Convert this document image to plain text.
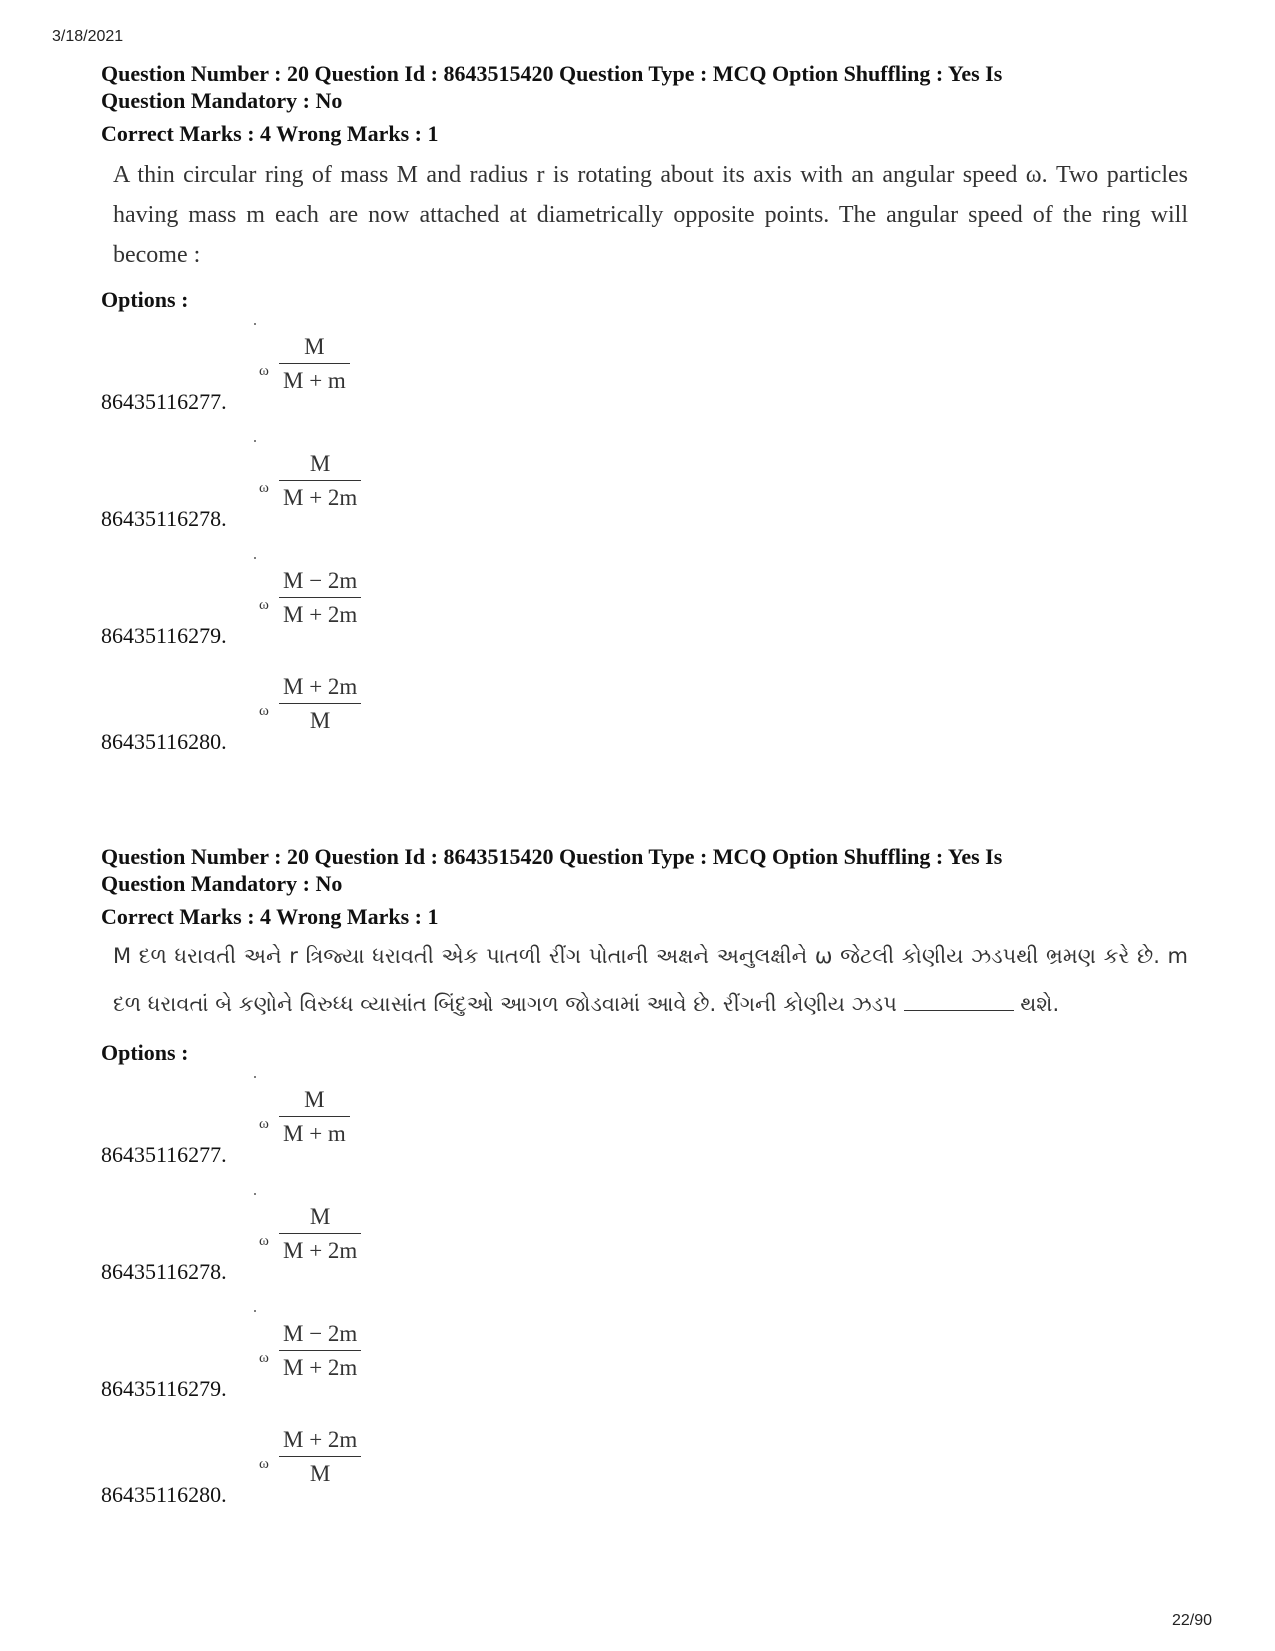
3/18/2021
Question Number : 20 Question Id : 8643515420 Question Type : MCQ Option Shuffling : Yes Is
Question Mandatory : No
Correct Marks : 4 Wrong Marks : 1
A thin circular ring of mass M and radius r is rotating about its axis with an angular speed ω. Two particles having mass m each are now attached at diametrically opposite points. The angular speed of the ring will become :
Options :
ω
M
M + m
86435116277.
ω
M
M + 2m
86435116278.
ω
M − 2m
M + 2m
86435116279.
ω
M + 2m
M
86435116280.
Question Number : 20 Question Id : 8643515420 Question Type : MCQ Option Shuffling : Yes Is
Question Mandatory : No
Correct Marks : 4 Wrong Marks : 1
M દળ ધરાવતી અને r ત્રિજ્યા ધરાવતી એક પાતળી રીંગ પોતાની અક્ષને અનુલક્ષીને ω જેટલી કોણીય ઝડપથી ભ્રમણ કરે છે. m દળ ધરાવતાં બે કણોને વિરુધ્ધ વ્યાસાંત બિંદુઓ આગળ જોડવામાં આવે છે. રીંગની કોણીય ઝડપ	થશે.
Options :
ω
M
M + m
86435116277.
ω
M
M + 2m
86435116278.
ω
M − 2m
M + 2m
86435116279.
ω
M + 2m
M
86435116280.
22/90
